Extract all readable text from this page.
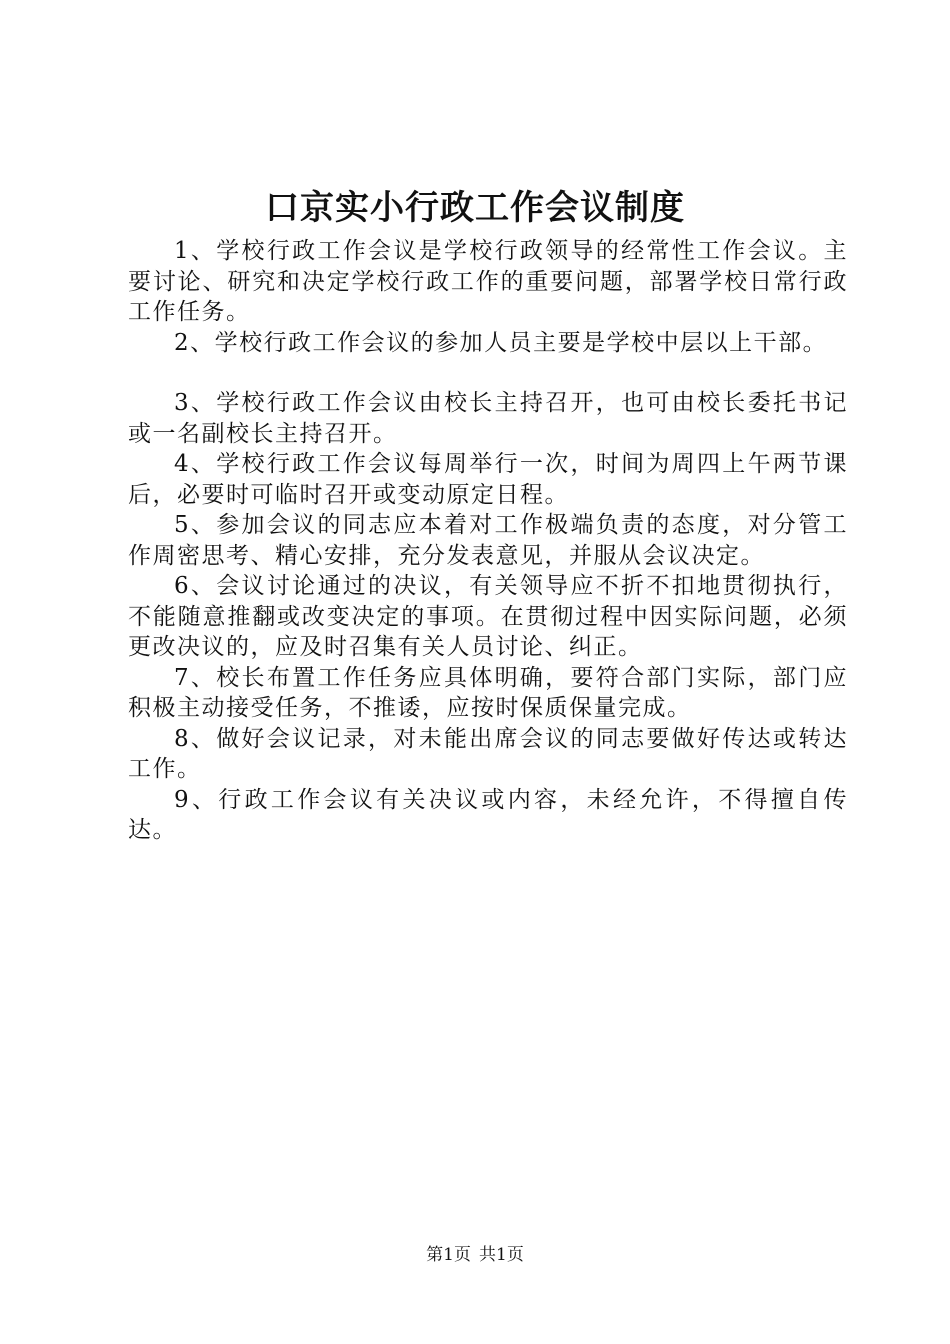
口京实小行政工作会议制度

1、学校行政工作会议是学校行政领导的经常性工作会议。主要讨论、研究和决定学校行政工作的重要问题，部署学校日常行政工作任务。

2、学校行政工作会议的参加人员主要是学校中层以上干部。

3、学校行政工作会议由校长主持召开，也可由校长委托书记或一名副校长主持召开。

4、学校行政工作会议每周举行一次，时间为周四上午两节课后，必要时可临时召开或变动原定日程。

5、参加会议的同志应本着对工作极端负责的态度，对分管工作周密思考、精心安排，充分发表意见，并服从会议决定。

6、会议讨论通过的决议，有关领导应不折不扣地贯彻执行，不能随意推翻或改变决定的事项。在贯彻过程中因实际问题，必须更改决议的，应及时召集有关人员讨论、纠正。

7、校长布置工作任务应具体明确，要符合部门实际，部门应积极主动接受任务，不推诿，应按时保质保量完成。

8、做好会议记录，对未能出席会议的同志要做好传达或转达工作。

9、行政工作会议有关决议或内容，未经允许，不得擅自传达。

第1页 共1页
